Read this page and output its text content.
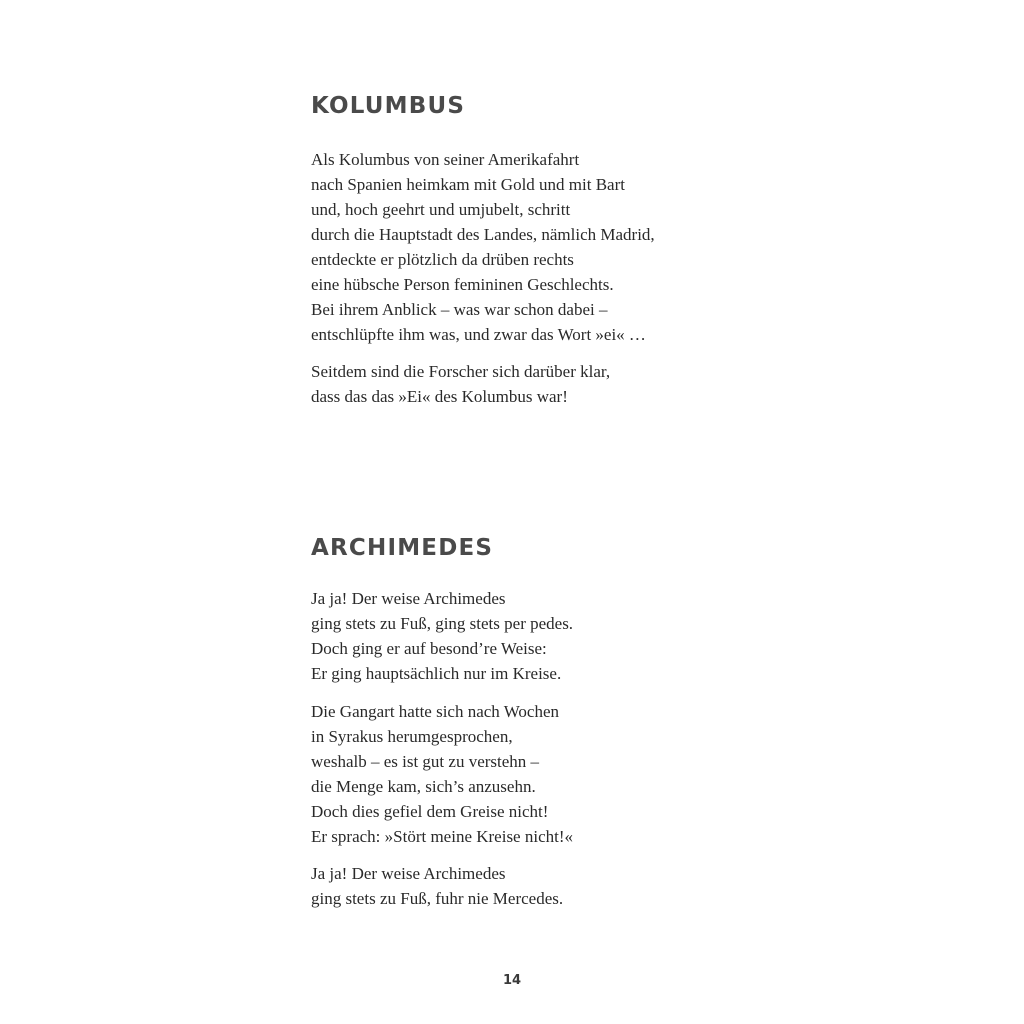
KOLUMBUS

Als Kolumbus von seiner Amerikafahrt
nach Spanien heimkam mit Gold und mit Bart
und, hoch geehrt und umjubelt, schritt
durch die Hauptstadt des Landes, nämlich Madrid,
entdeckte er plötzlich da drüben rechts
eine hübsche Person femininen Geschlechts.
Bei ihrem Anblick – was war schon dabei –
entschlüpfte ihm was, und zwar das Wort »ei« …

Seitdem sind die Forscher sich darüber klar,
dass das das »Ei« des Kolumbus war!

ARCHIMEDES

Ja ja! Der weise Archimedes
ging stets zu Fuß, ging stets per pedes.
Doch ging er auf besond’re Weise:
Er ging hauptsächlich nur im Kreise.

Die Gangart hatte sich nach Wochen
in Syrakus herumgesprochen,
weshalb – es ist gut zu verstehn –
die Menge kam, sich’s anzusehn.
Doch dies gefiel dem Greise nicht!
Er sprach: »Stört meine Kreise nicht!«

Ja ja! Der weise Archimedes
ging stets zu Fuß, fuhr nie Mercedes.

14
